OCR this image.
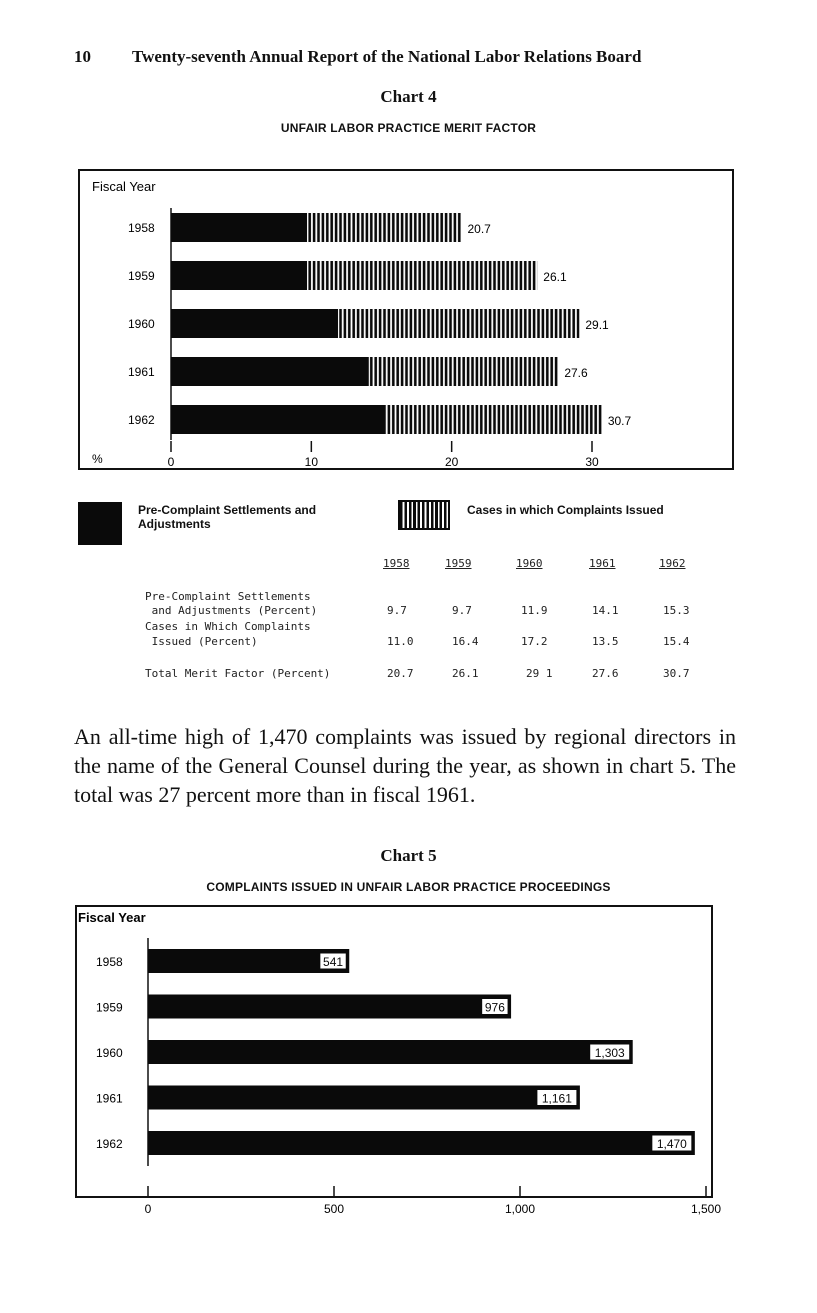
10 Twenty-seventh Annual Report of the National Labor Relations Board
Chart 4
UNFAIR LABOR PRACTICE MERIT FACTOR
Fiscal Year
%
1958	20.7
1959	26.1
1960	29.1
1961	27.6
1962	30.7
0	10	20	30
Pre-Complaint Settlements and Adjustments
Cases in which Complaints Issued
1958	1959	1960	1961	1962
Pre-Complaint Settlements
and Adjustments (Percent)	9.7	9.7	11.9	14.1	15.3
Cases in Which Complaints
Issued (Percent)	11.0	16.4	17.2	13.5	15.4
Total Merit Factor (Percent)	20.7	26.1	29 1	27.6	30.7
An all-time high of 1,470 complaints was issued by regional directors in the name of the General Counsel during the year, as shown in chart 5. The total was 27 percent more than in fiscal 1961.
Chart 5
COMPLAINTS ISSUED IN UNFAIR LABOR PRACTICE PROCEEDINGS
Fiscal Year
1958	541
1959	976
1960	1,303
1961	1,161
1962	1,470
0	500	1,000	1,500
